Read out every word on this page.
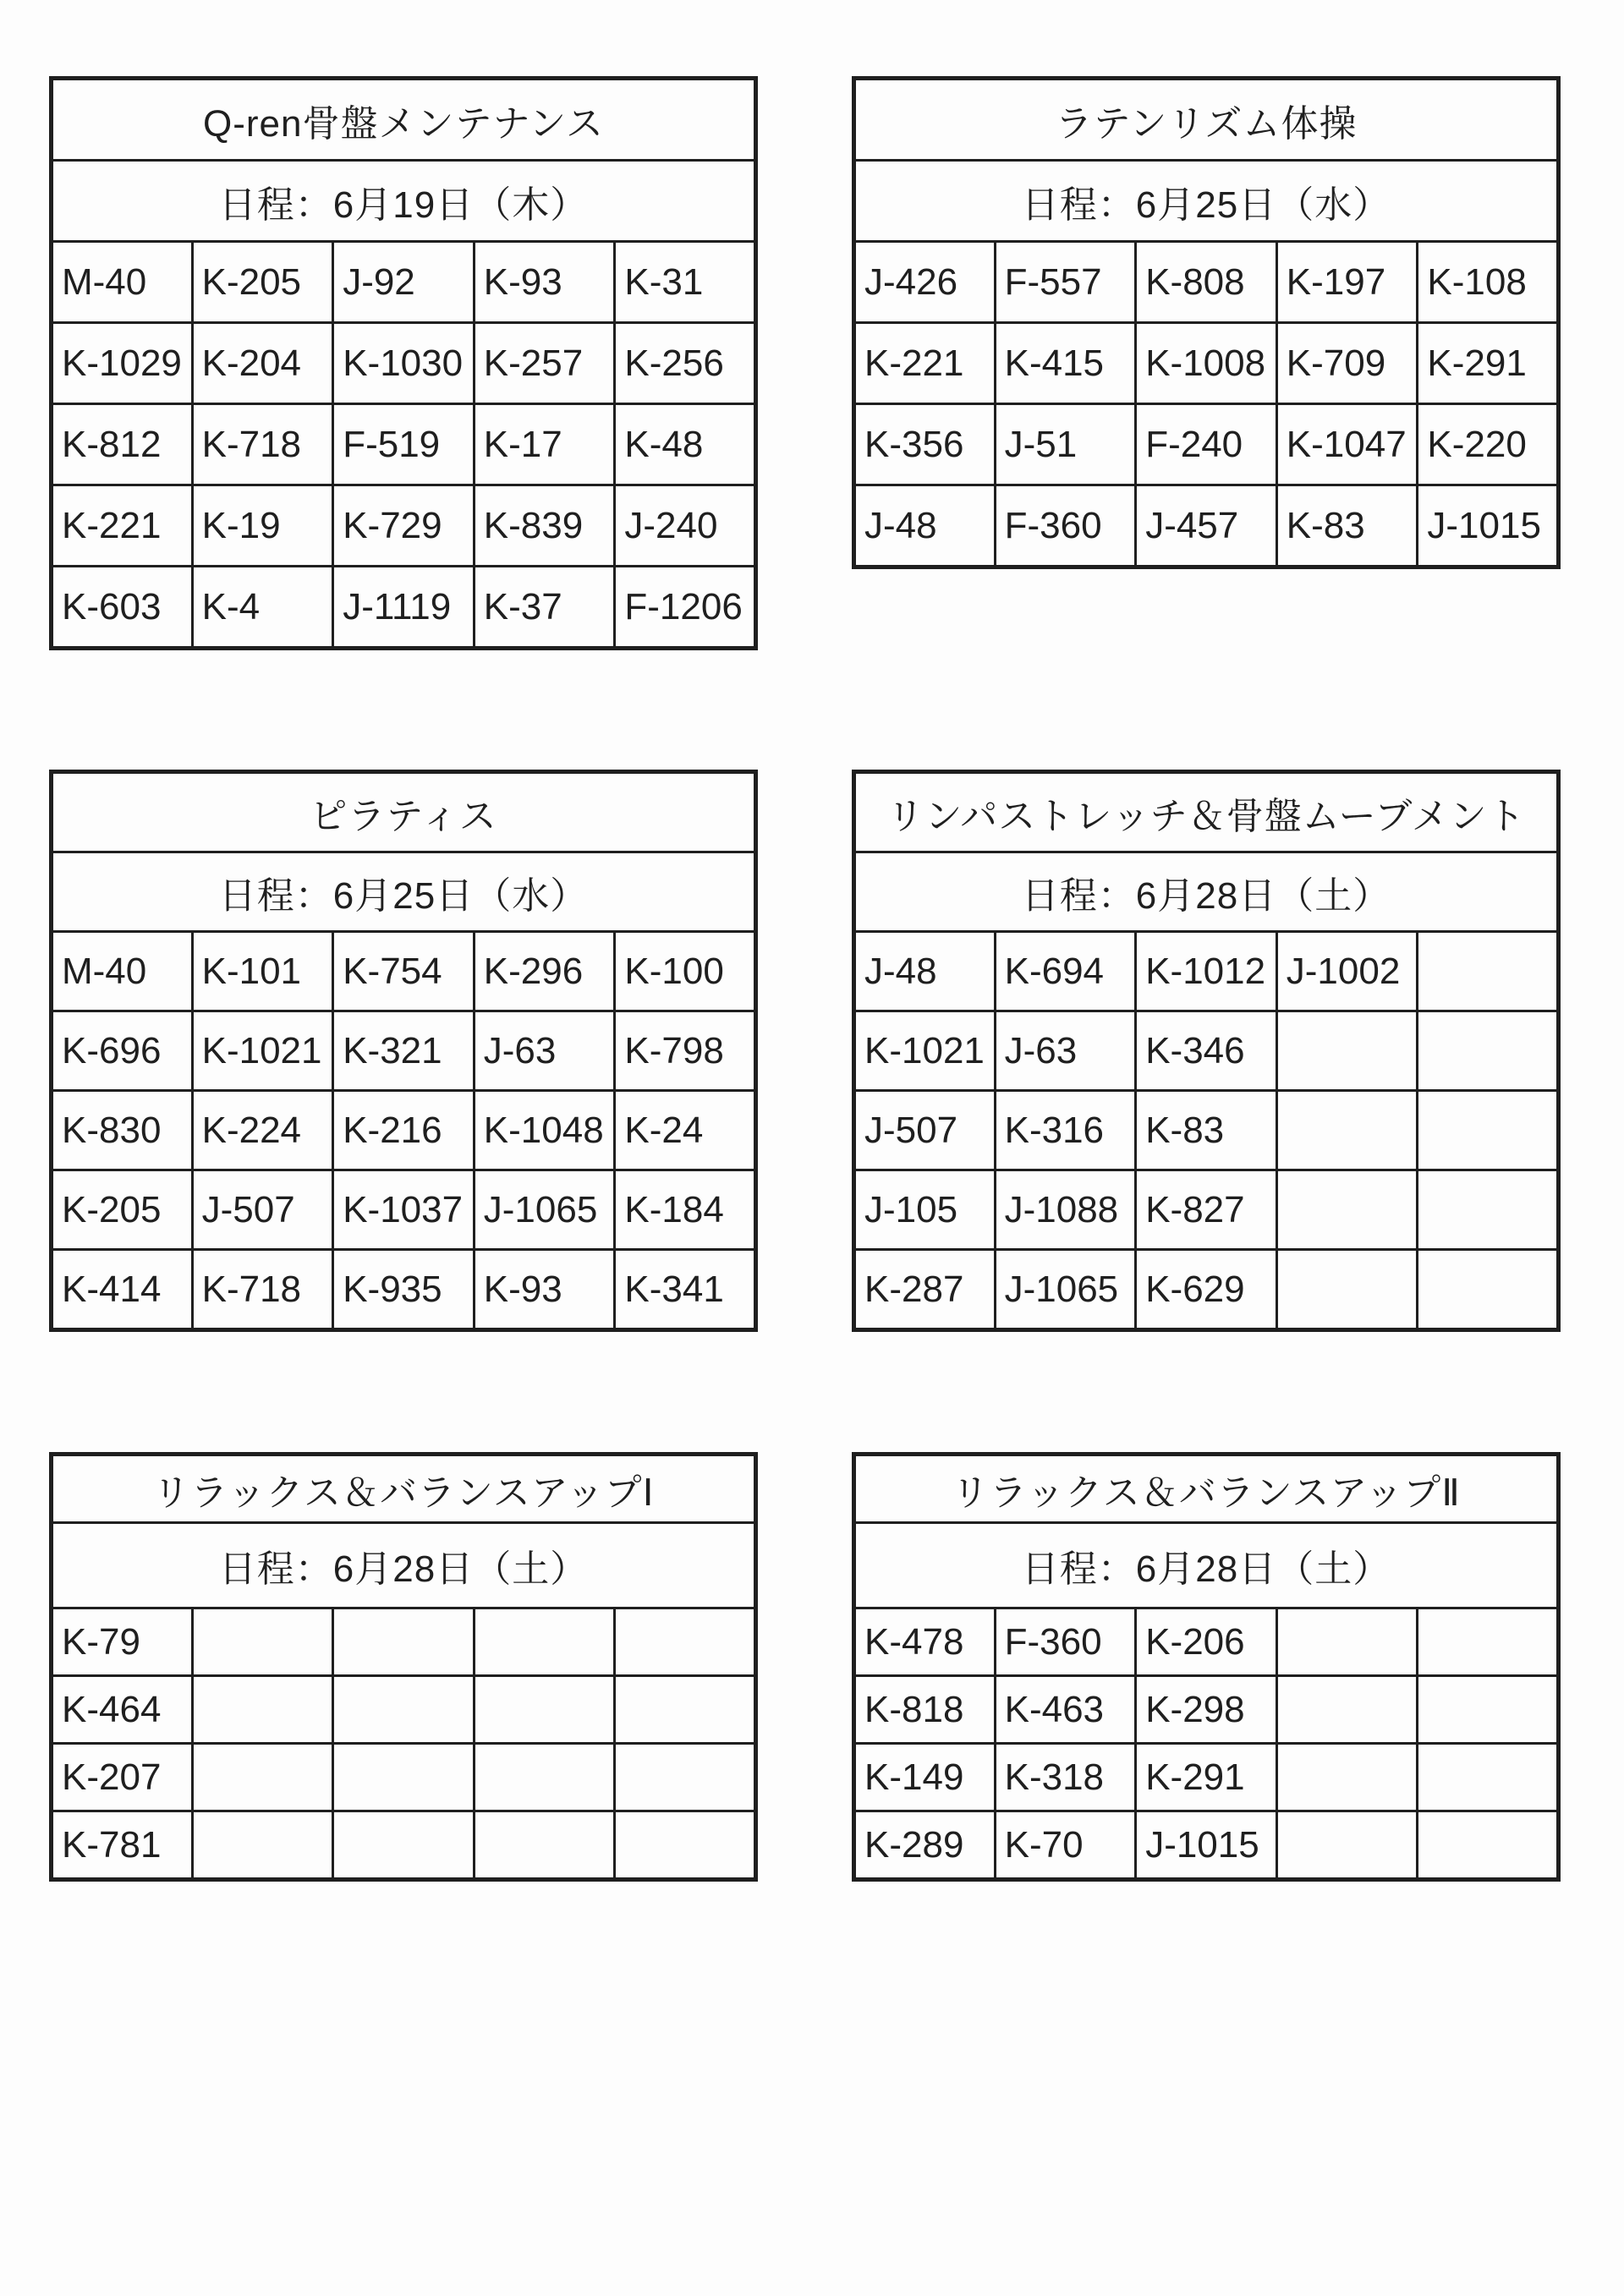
Q-ren骨盤メンテナンス				
日程：6月19日（木）				
M-40	K-205	J-92	K-93	K-31
K-1029	K-204	K-1030	K-257	K-256
K-812	K-718	F-519	K-17	K-48
K-221	K-19	K-729	K-839	J-240
K-603	K-4	J-1119	K-37	F-1206
ラテンリズム体操				
日程：6月25日（水）				
J-426	F-557	K-808	K-197	K-108
K-221	K-415	K-1008	K-709	K-291
K-356	J-51	F-240	K-1047	K-220
J-48	F-360	J-457	K-83	J-1015
ピラティス				
日程：6月25日（水）				
M-40	K-101	K-754	K-296	K-100
K-696	K-1021	K-321	J-63	K-798
K-830	K-224	K-216	K-1048	K-24
K-205	J-507	K-1037	J-1065	K-184
K-414	K-718	K-935	K-93	K-341
リンパストレッチ＆骨盤ムーブメント				
日程：6月28日（土）				
J-48	K-694	K-1012	J-1002	
K-1021	J-63	K-346		
J-507	K-316	K-83		
J-105	J-1088	K-827		
K-287	J-1065	K-629		
リラックス＆バランスアップⅠ				
日程：6月28日（土）				
K-79				
K-464				
K-207				
K-781				
リラックス＆バランスアップⅡ				
日程：6月28日（土）				
K-478	F-360	K-206		
K-818	K-463	K-298		
K-149	K-318	K-291		
K-289	K-70	J-1015		
